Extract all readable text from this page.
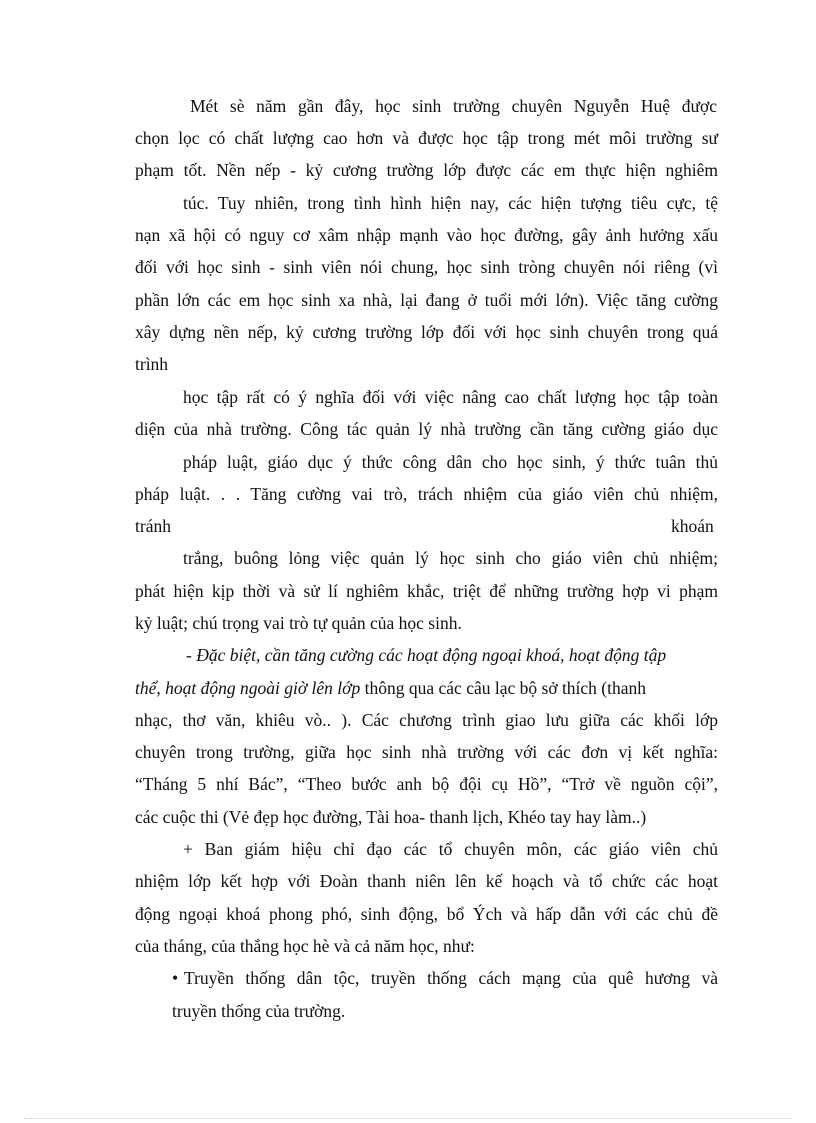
Mét sè năm gần đây, học sinh trường chuyên Nguyễn Huệ được
chọn lọc có chất lượng cao hơn và được học tập trong mét môi trường sư
phạm tốt. Nền nếp - kỷ cương trường lớp được các em thực hiện nghiêm
túc. Tuy nhiên, trong tình hình hiện nay, các hiện tượng tiêu cực, tệ
nạn xã hội có nguy cơ xâm nhập mạnh vào học đường, gây ảnh hưởng xấu
đối với học sinh - sinh viên nói chung, học sinh tròng chuyên nói riêng (vì
phần lớn các em học sinh xa nhà, lại đang ở tuổi mới lớn). Việc tăng cường
xây dựng nền nếp, kỷ cương trường lớp đối với học sinh chuyên trong quá
trình
học tập rất có ý nghĩa đối với việc nâng cao chất lượng học tập toàn
diện của nhà trường. Công tác quản lý nhà trường cần tăng cường giáo dục
pháp luật, giáo dục ý thức công dân cho học sinh, ý thức tuân thủ
pháp luật. . . Tăng cường vai trò, trách nhiệm của giáo viên chủ nhiệm,
tránh	khoán
trắng, buông lỏng việc quản lý học sinh cho giáo viên chủ nhiệm;
phát hiện kịp thời và sử lí nghiêm khắc, triệt để những trường hợp vi phạm
kỷ luật; chú trọng vai trò tự quản của học sinh.
- Đặc biệt, cần tăng cường các hoạt động ngoại khoá, hoạt động tập
thể, hoạt động ngoài giờ lên lớp thông qua các câu lạc bộ sở thích (thanh
nhạc, thơ văn, khiêu vò.. ). Các chương trình giao lưu giữa các khối lớp
chuyên trong trường, giữa học sinh nhà trường với các đơn vị kết nghĩa:
“Tháng 5 nhí Bác”, “Theo bước anh bộ đội cụ Hồ”, “Trở về nguồn cội”,
các cuộc thi (Vẻ đẹp học đường, Tài hoa- thanh lịch, Khéo tay hay làm..)
+ Ban giám hiệu chỉ đạo các tổ chuyên môn, các giáo viên chủ
nhiệm lớp kết hợp với Đoàn thanh niên lên kế hoạch và tổ chức các hoạt
động ngoại khoá phong phó, sinh động, bổ Ých và hấp dẫn với các chủ đề
của tháng, của thắng học hè và cả năm học, như:
• Truyền thống dân tộc, truyền thống cách mạng của quê hương và
truyền thống của trường.
